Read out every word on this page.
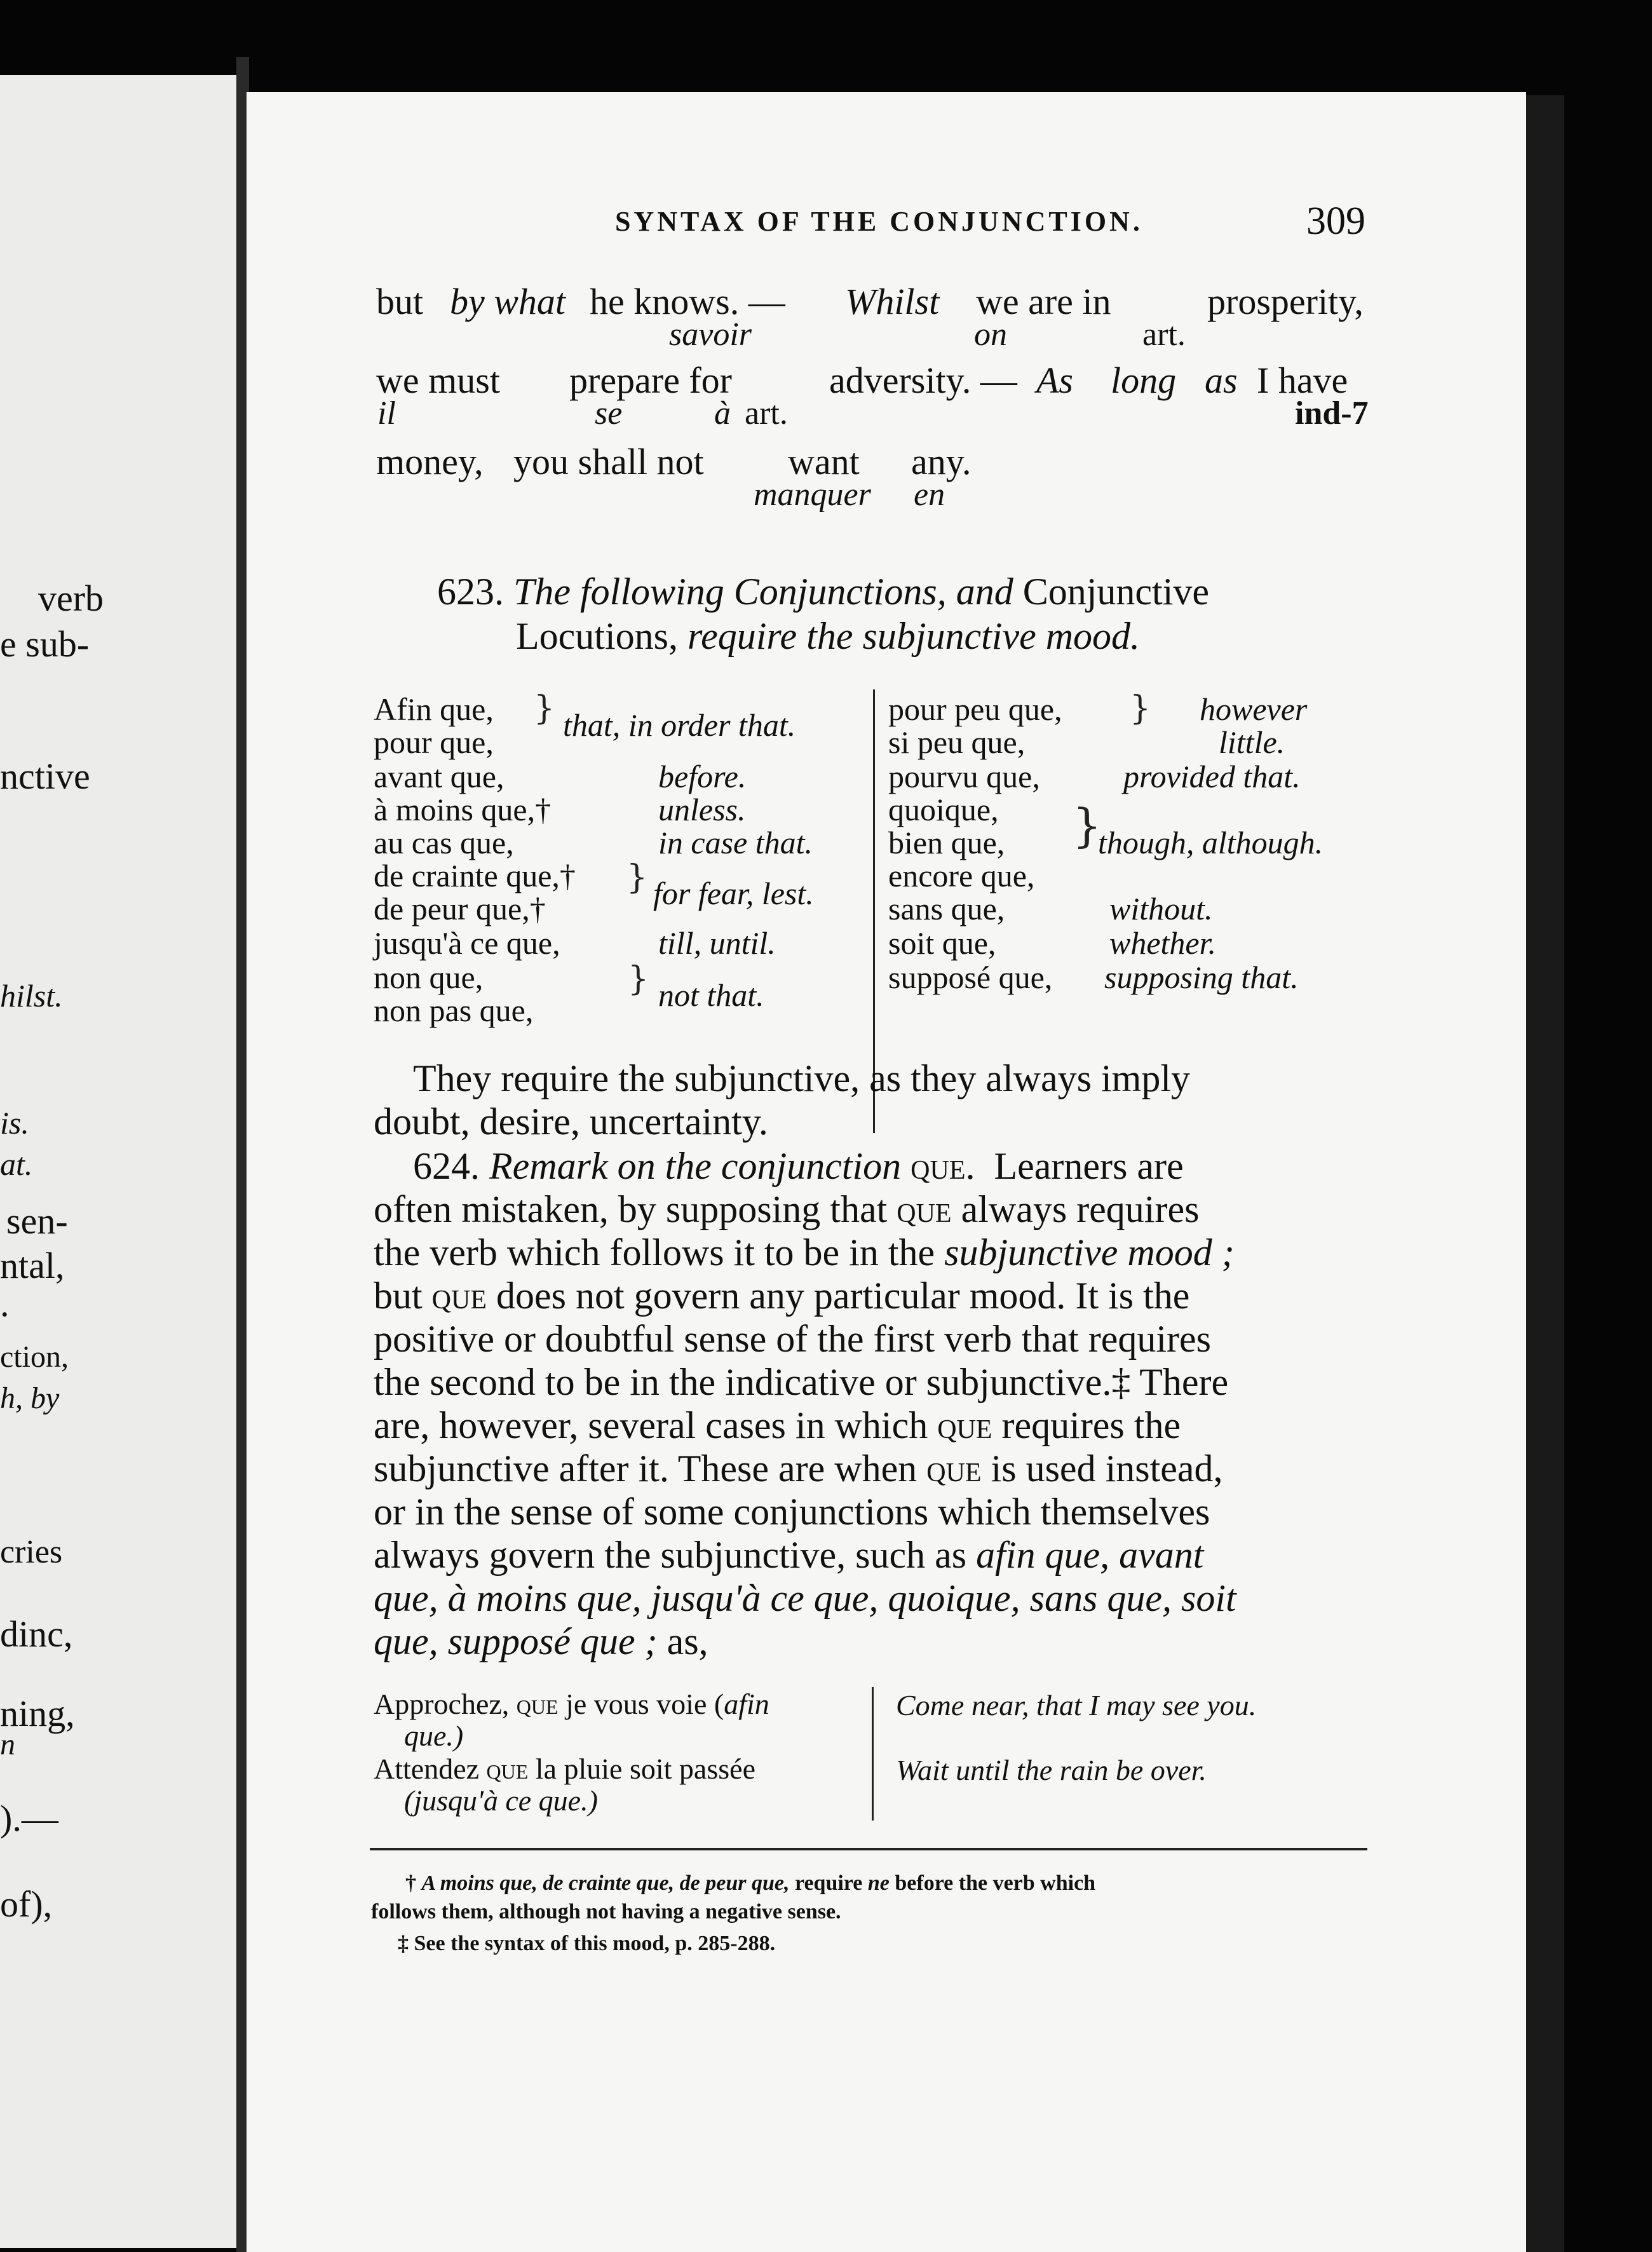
verb
e sub-
nctive
hilst.
is.
at.
sen-
ntal,
.
ction,
h, by
cries
dinc,
ning,
n
).—
of),
SYNTAX OF THE CONJUNCTION.	309
but by what he knows. — Whilst we are in	prosperity,
savoir	on	art.
we must prepare for	adversity. — As long as I have
il	se	à art.	ind-7
money, you shall not want any.
manquer en
623. The following Conjunctions, and Conjunctive
Locutions, require the subjunctive mood.
Afin que,
pour que,
} that, in order that.
avant que,	before.
à moins que,†	unless.
au cas que,	in case that.
de crainte que,†
de peur que,†
} for fear, lest.
jusqu'à ce que,	till, until.
non que,
non pas que,
} not that.
pour peu que,
si peu que,
} however
little.
pourvu que,	provided that.
quoique,
bien que,
encore que,
}
though, although.
sans que,	without.
soit que,	whether.
supposé que, supposing that.
They require the subjunctive, as they always imply
doubt, desire, uncertainty.
624. Remark on the conjunction que. Learners are
often mistaken, by supposing that que always requires
the verb which follows it to be in the subjunctive mood ;
but que does not govern any particular mood. It is the
positive or doubtful sense of the first verb that requires
the second to be in the indicative or subjunctive.‡ There
are, however, several cases in which que requires the
subjunctive after it. These are when que is used instead,
or in the sense of some conjunctions which themselves
always govern the subjunctive, such as afin que, avant
que, à moins que, jusqu'à ce que, quoique, sans que, soit
que, supposé que ; as,
Approchez, que je vous voie (afin
que.)
Come near, that I may see you.
Attendez que la pluie soit passée
(jusqu'à ce que.)
Wait until the rain be over.
† A moins que, de crainte que, de peur que, require ne before the verb which
follows them, although not having a negative sense.
‡ See the syntax of this mood, p. 285-288.
